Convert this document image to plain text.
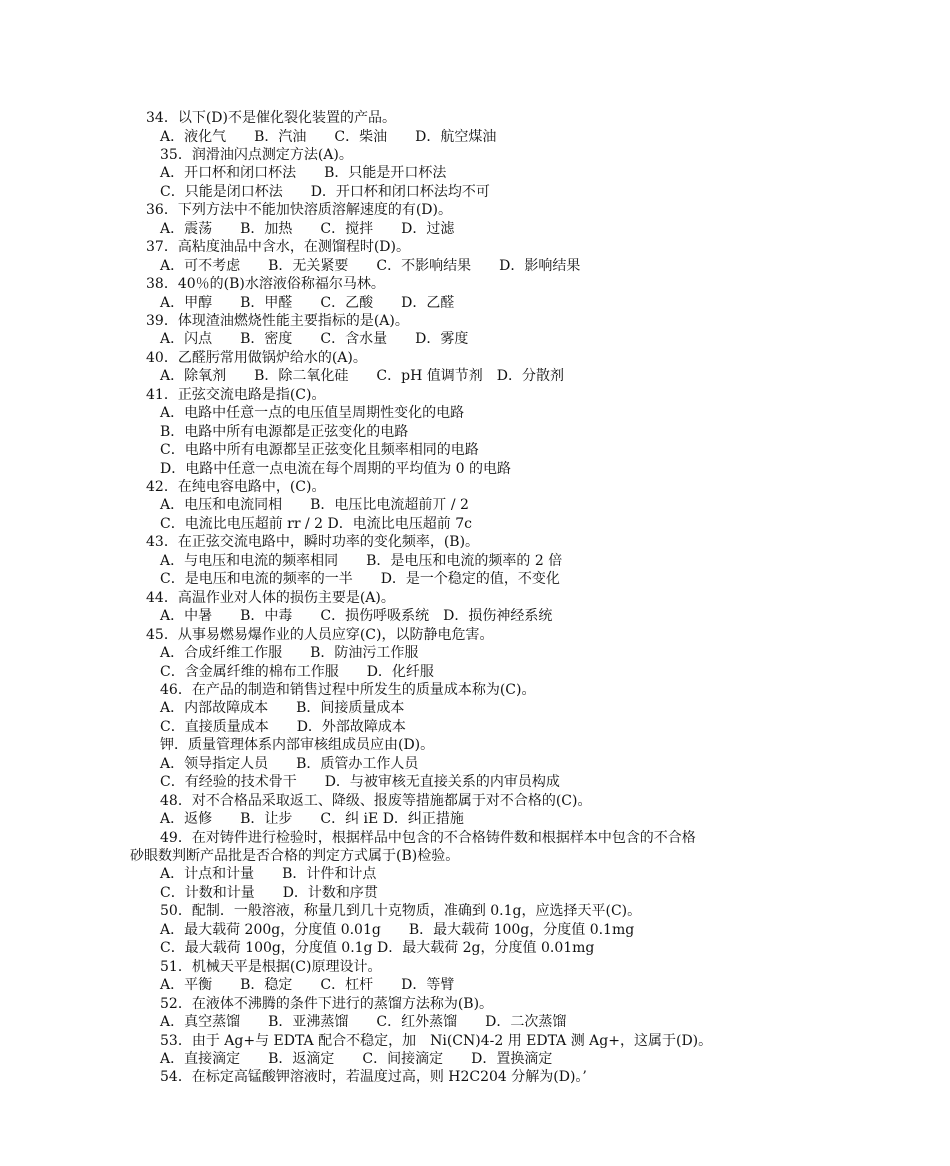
34．以下(D)不是催化裂化装置的产品。
A．液化气　　B．汽油　　C．柴油　　D．航空煤油
35．润滑油闪点测定方法(A)。
A．开口杯和闭口杯法　　B．只能是开口杯法
C．只能是闭口杯法　　D．开口杯和闭口杯法均不可
36．下列方法中不能加快溶质溶解速度的有(D)。
A．震荡　　B．加热　　C．搅拌　　D．过滤
37．高粘度油品中含水，在测馏程时(D)。
A．可不考虑　　B．无关紧要　　C．不影响结果　　D．影响结果
38．40％的(B)水溶液俗称福尔马林。
A．甲醇　　B．甲醛　　C．乙酸　　D．乙醛
39．体现渣油燃烧性能主要指标的是(A)。
A．闪点　　B．密度　　C．含水量　　D．雾度
40．乙醛肟常用做锅炉给水的(A)。
A．除氧剂　　B．除二氧化硅　　C．pH 值调节剂　D．分散剂
41．正弦交流电路是指(C)。
A．电路中任意一点的电压值呈周期性变化的电路
B．电路中所有电源都是正弦变化的电路
C．电路中所有电源都呈正弦变化且频率相同的电路
D．电路中任意一点电流在每个周期的平均值为 0 的电路
42．在纯电容电路中，(C)。
A．电压和电流同相　　B．电压比电流超前丌 / 2
C．电流比电压超前 rr / 2 D．电流比电压超前 7c
43．在正弦交流电路中，瞬时功率的变化频率，(B)。
A．与电压和电流的频率相同　　B．是电压和电流的频率的 2 倍
C．是电压和电流的频率的一半　　D．是一个稳定的值，不变化
44．高温作业对人体的损伤主要是(A)。
A．中暑　　B．中毒　　C．损伤呼吸系统　D．损伤神经系统
45．从事易燃易爆作业的人员应穿(C)，以防静电危害。
A．合成纤维工作服　　B．防油污工作服
C．含金属纤维的棉布工作服　　D．化纤服
46．在产品的制造和销售过程中所发生的质量成本称为(C)。
A．内部故障成本　　B．间接质量成本
C．直接质量成本　　D．外部故障成本
钾．质量管理体系内部审核组成员应由(D)。
A．领导指定人员　　B．质管办工作人员
C．有经验的技术骨干　　D．与被审核无直接关系的内审员构成
48．对不合格品采取返工、降级、报废等措施都属于对不合格的(C)。
A．返修　　B．让步　　C．纠 iE D．纠正措施
49．在对铸件进行检验时，根据样品中包含的不合格铸件数和根据样本中包含的不合格
砂眼数判断产品批是否合格的判定方式属于(B)检验。
A．计点和计量　　B．计件和计点
C．计数和计量　　D．计数和序贯
50．配制．一般溶液，称量几到几十克物质，准确到 0.1g，应选择天平(C)。
A．最大载荷 200g，分度值 0.01g　　B．最大载荷 100g，分度值 0.1mg
C．最大载荷 100g，分度值 0.1g D．最大载荷 2g，分度值 0.01mg
51．机械天平是根据(C)原理设计。
A．平衡　　B．稳定　　C．杠杆　　D．等臂
52．在液体不沸腾的条件下进行的蒸馏方法称为(B)。
A．真空蒸馏　　B．亚沸蒸馏　　C．红外蒸馏　　D．二次蒸馏
53．由于 Ag+与 EDTA 配合不稳定，加　Ni(CN)4-2 用 EDTA 测 Ag+，这属于(D)。
A．直接滴定　　B．返滴定　　C．间接滴定　　D．置换滴定
54．在标定高锰酸钾溶液时，若温度过高，则 H2C204 分解为(D)。’
